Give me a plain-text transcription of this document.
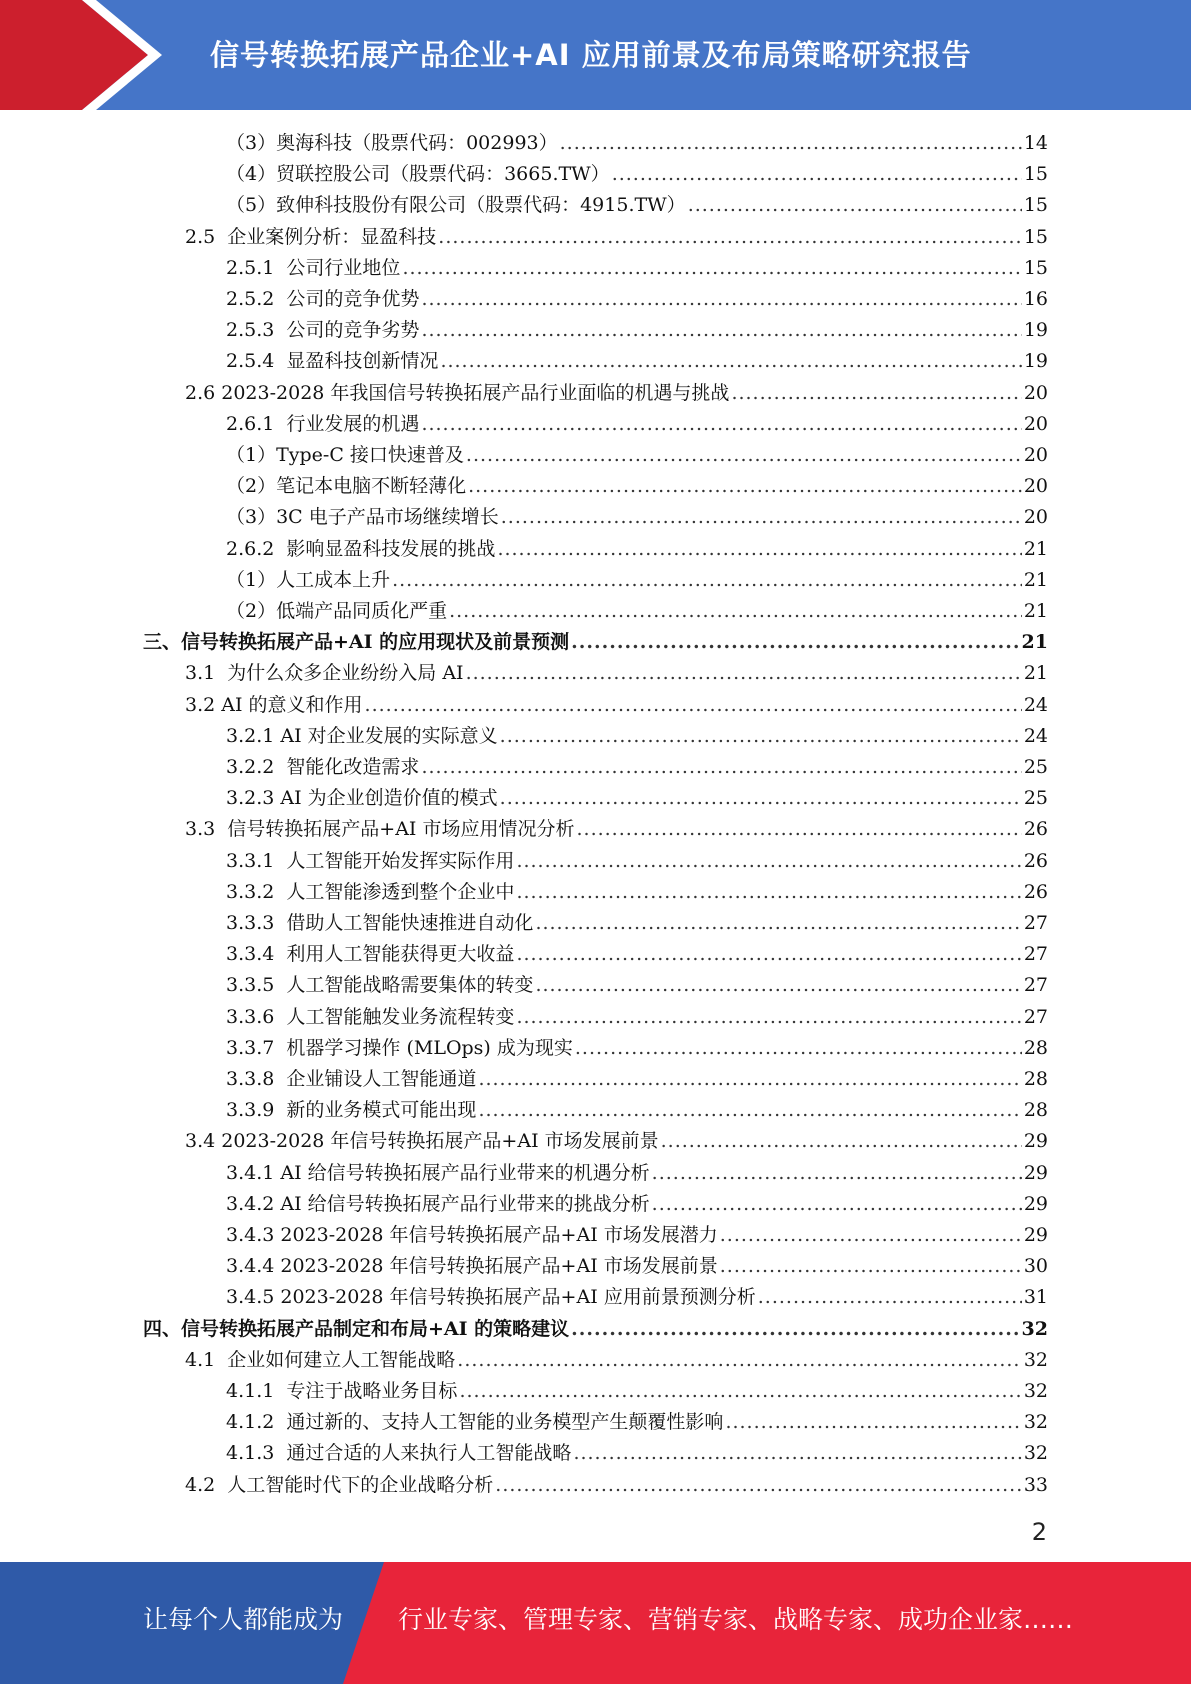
信号转换拓展产品企业+AI 应用前景及布局策略研究报告
（3）奥海科技（股票代码：002993） .....	14
（4）贸联控股公司（股票代码：3665.TW） .....	15
（5）致伸科技股份有限公司（股票代码：4915.TW） .....	15
2.5  企业案例分析：显盈科技 .....	15
2.5.1  公司行业地位 .....	15
2.5.2  公司的竞争优势 .....	16
2.5.3  公司的竞争劣势 .....	19
2.5.4  显盈科技创新情况 .....	19
2.6 2023-2028 年我国信号转换拓展产品行业面临的机遇与挑战 .....	20
2.6.1  行业发展的机遇 .....	20
（1）Type-C 接口快速普及 .....	20
（2）笔记本电脑不断轻薄化 .....	20
（3）3C 电子产品市场继续增长 .....	20
2.6.2  影响显盈科技发展的挑战 .....	21
（1）人工成本上升 .....	21
（2）低端产品同质化严重 .....	21
三、信号转换拓展产品+AI 的应用现状及前景预测 .....	21
3.1  为什么众多企业纷纷入局 AI .....	21
3.2 AI 的意义和作用 .....	24
3.2.1 AI 对企业发展的实际意义 .....	24
3.2.2  智能化改造需求 .....	25
3.2.3 AI 为企业创造价值的模式 .....	25
3.3  信号转换拓展产品+AI 市场应用情况分析 .....	26
3.3.1  人工智能开始发挥实际作用 .....	26
3.3.2  人工智能渗透到整个企业中 .....	26
3.3.3  借助人工智能快速推进自动化 .....	27
3.3.4  利用人工智能获得更大收益 .....	27
3.3.5  人工智能战略需要集体的转变 .....	27
3.3.6  人工智能触发业务流程转变 .....	27
3.3.7  机器学习操作 (MLOps) 成为现实 .....	28
3.3.8  企业铺设人工智能通道 .....	28
3.3.9  新的业务模式可能出现 .....	28
3.4 2023-2028 年信号转换拓展产品+AI 市场发展前景 .....	29
3.4.1 AI 给信号转换拓展产品行业带来的机遇分析 .....	29
3.4.2 AI 给信号转换拓展产品行业带来的挑战分析 .....	29
3.4.3 2023-2028 年信号转换拓展产品+AI 市场发展潜力 .....	29
3.4.4 2023-2028 年信号转换拓展产品+AI 市场发展前景 .....	30
3.4.5 2023-2028 年信号转换拓展产品+AI 应用前景预测分析 .....	31
四、信号转换拓展产品制定和布局+AI 的策略建议 .....	32
4.1  企业如何建立人工智能战略 .....	32
4.1.1  专注于战略业务目标 .....	32
4.1.2  通过新的、支持人工智能的业务模型产生颠覆性影响 .....	32
4.1.3  通过合适的人来执行人工智能战略 .....	32
4.2  人工智能时代下的企业战略分析 .....	33
2
让每个人都能成为 行业专家、管理专家、营销专家、战略专家、成功企业家……
